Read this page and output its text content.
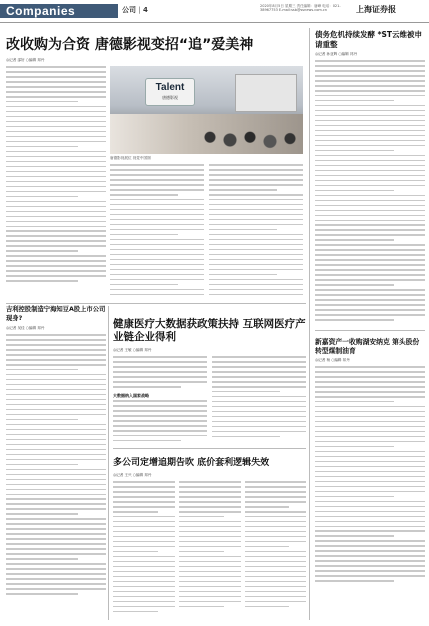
Companies	公司 | 4	2020年8月5日 星期三 责任编辑：唐峰 电话：021-38967753 E-mail:ssb@ssnews.com.cn	上海证券报
改收购为合资 唐德影视变招“追”爱美神
◎记者 邵好 ○编辑 邦丹
Talent
唐德影视
唐德影视展位 视觉中国图
债务危机持续发酵 *ST云维被申请重整
◎记者 孙亚辉 ○编辑 邦丹
吉利控股制造宁海知豆A股上市公司现身?
◎记者 吴佳 ○编辑 邦丹	健康医疗大数据获政策扶持 互联网医疗产业链企业得利
◎记者 王敏 ○编辑 邦丹
大数据纳入国家战略
多公司定增追期告吹 底价套利逻辑失效
◎记者 王兴 ○编辑 邦丹
新嘉资产一收购湖安纳克 第头股份转型煤制油育
◎记者 杨 ○编辑 邦丹
